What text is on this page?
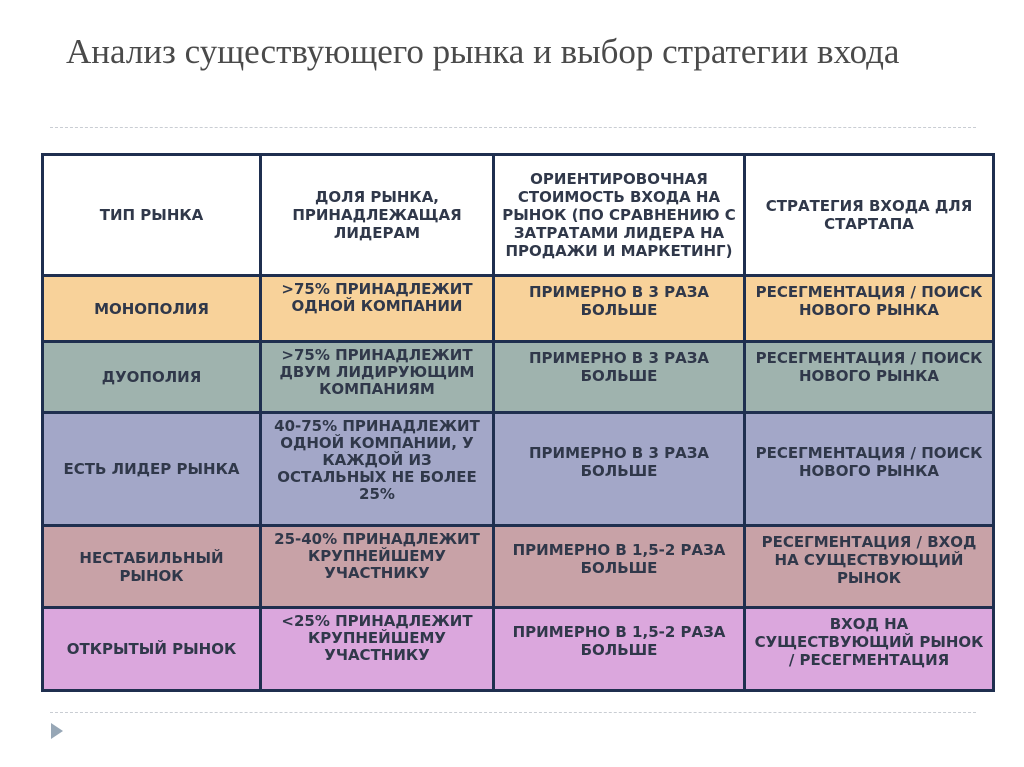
Анализ существующего рынка и выбор стратегии входа
ТИП РЫНКА	ДОЛЯ РЫНКА, ПРИНАДЛЕЖАЩАЯ ЛИДЕРАМ	ОРИЕНТИРОВОЧНАЯ СТОИМОСТЬ ВХОДА НА РЫНОК (ПО СРАВНЕНИЮ С ЗАТРАТАМИ ЛИДЕРА НА ПРОДАЖИ И МАРКЕТИНГ)	СТРАТЕГИЯ ВХОДА ДЛЯ СТАРТАПА
МОНОПОЛИЯ	>75% ПРИНАДЛЕЖИТ ОДНОЙ КОМПАНИИ	ПРИМЕРНО В 3 РАЗА БОЛЬШЕ	РЕСЕГМЕНТАЦИЯ / ПОИСК НОВОГО РЫНКА
ДУОПОЛИЯ	>75% ПРИНАДЛЕЖИТ ДВУМ ЛИДИРУЮЩИМ КОМПАНИЯМ	ПРИМЕРНО В 3 РАЗА БОЛЬШЕ	РЕСЕГМЕНТАЦИЯ / ПОИСК НОВОГО РЫНКА
ЕСТЬ ЛИДЕР РЫНКА	40-75% ПРИНАДЛЕЖИТ ОДНОЙ КОМПАНИИ, У КАЖДОЙ ИЗ ОСТАЛЬНЫХ НЕ БОЛЕЕ 25%	ПРИМЕРНО В 3 РАЗА БОЛЬШЕ	РЕСЕГМЕНТАЦИЯ / ПОИСК НОВОГО РЫНКА
НЕСТАБИЛЬНЫЙ РЫНОК	25-40% ПРИНАДЛЕЖИТ КРУПНЕЙШЕМУ УЧАСТНИКУ	ПРИМЕРНО В 1,5-2 РАЗА БОЛЬШЕ	РЕСЕГМЕНТАЦИЯ / ВХОД НА СУЩЕСТВУЮЩИЙ РЫНОК
ОТКРЫТЫЙ РЫНОК	<25% ПРИНАДЛЕЖИТ КРУПНЕЙШЕМУ УЧАСТНИКУ	ПРИМЕРНО В 1,5-2 РАЗА БОЛЬШЕ	ВХОД НА СУЩЕСТВУЮЩИЙ РЫНОК / РЕСЕГМЕНТАЦИЯ
